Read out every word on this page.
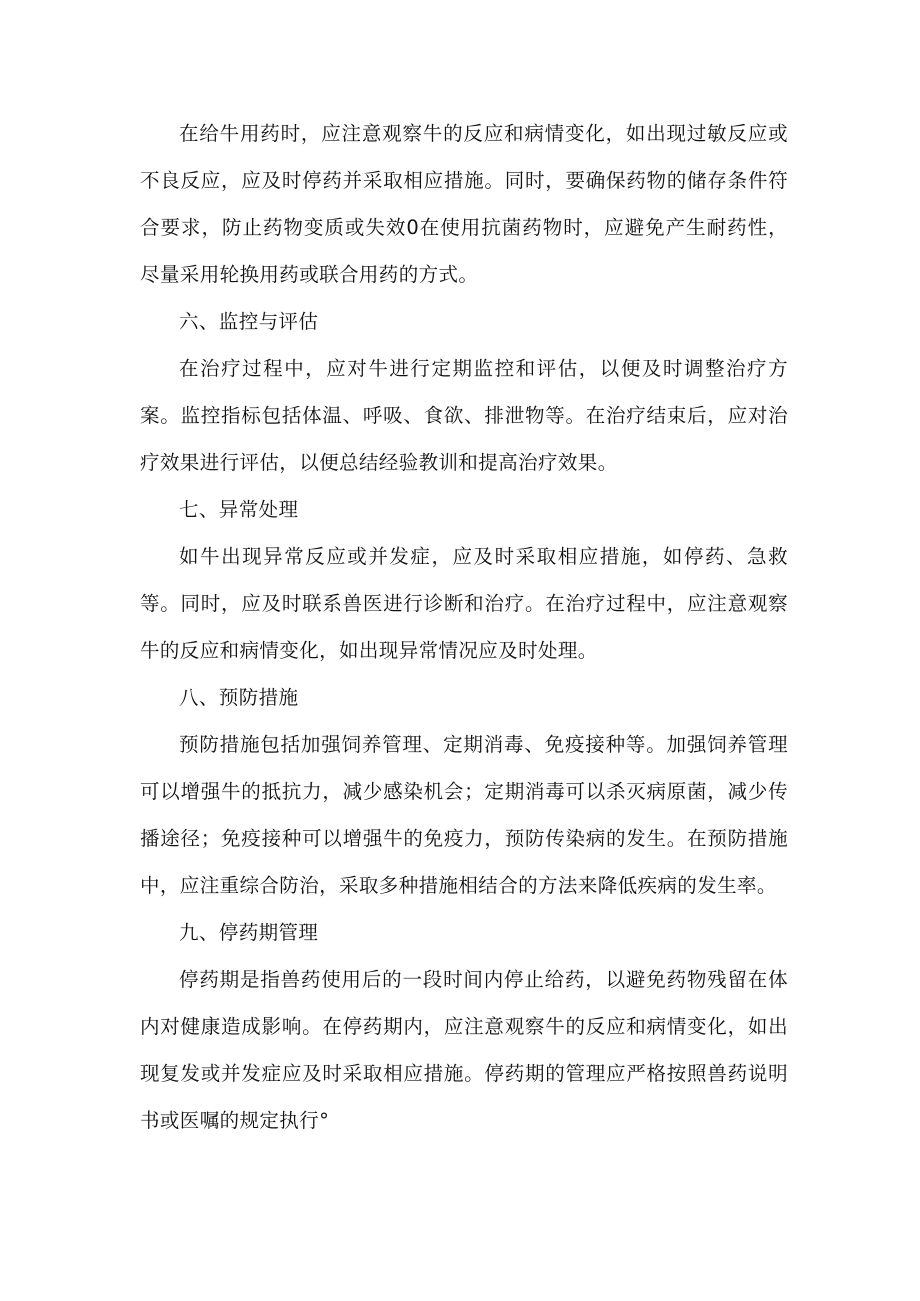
在给牛用药时，应注意观察牛的反应和病情变化，如出现过敏反应或不良反应，应及时停药并采取相应措施。同时，要确保药物的储存条件符合要求，防止药物变质或失效0在使用抗菌药物时，应避免产生耐药性，尽量采用轮换用药或联合用药的方式。

六、监控与评估

在治疗过程中，应对牛进行定期监控和评估，以便及时调整治疗方案。监控指标包括体温、呼吸、食欲、排泄物等。在治疗结束后，应对治疗效果进行评估，以便总结经验教训和提高治疗效果。

七、异常处理

如牛出现异常反应或并发症，应及时采取相应措施，如停药、急救等。同时，应及时联系兽医进行诊断和治疗。在治疗过程中，应注意观察牛的反应和病情变化，如出现异常情况应及时处理。

八、预防措施

预防措施包括加强饲养管理、定期消毒、免疫接种等。加强饲养管理可以增强牛的抵抗力，减少感染机会；定期消毒可以杀灭病原菌，减少传播途径；免疫接种可以增强牛的免疫力，预防传染病的发生。在预防措施中，应注重综合防治，采取多种措施相结合的方法来降低疾病的发生率。

九、停药期管理

停药期是指兽药使用后的一段时间内停止给药，以避免药物残留在体内对健康造成影响。在停药期内，应注意观察牛的反应和病情变化，如出现复发或并发症应及时采取相应措施。停药期的管理应严格按照兽药说明书或医嘱的规定执行°
